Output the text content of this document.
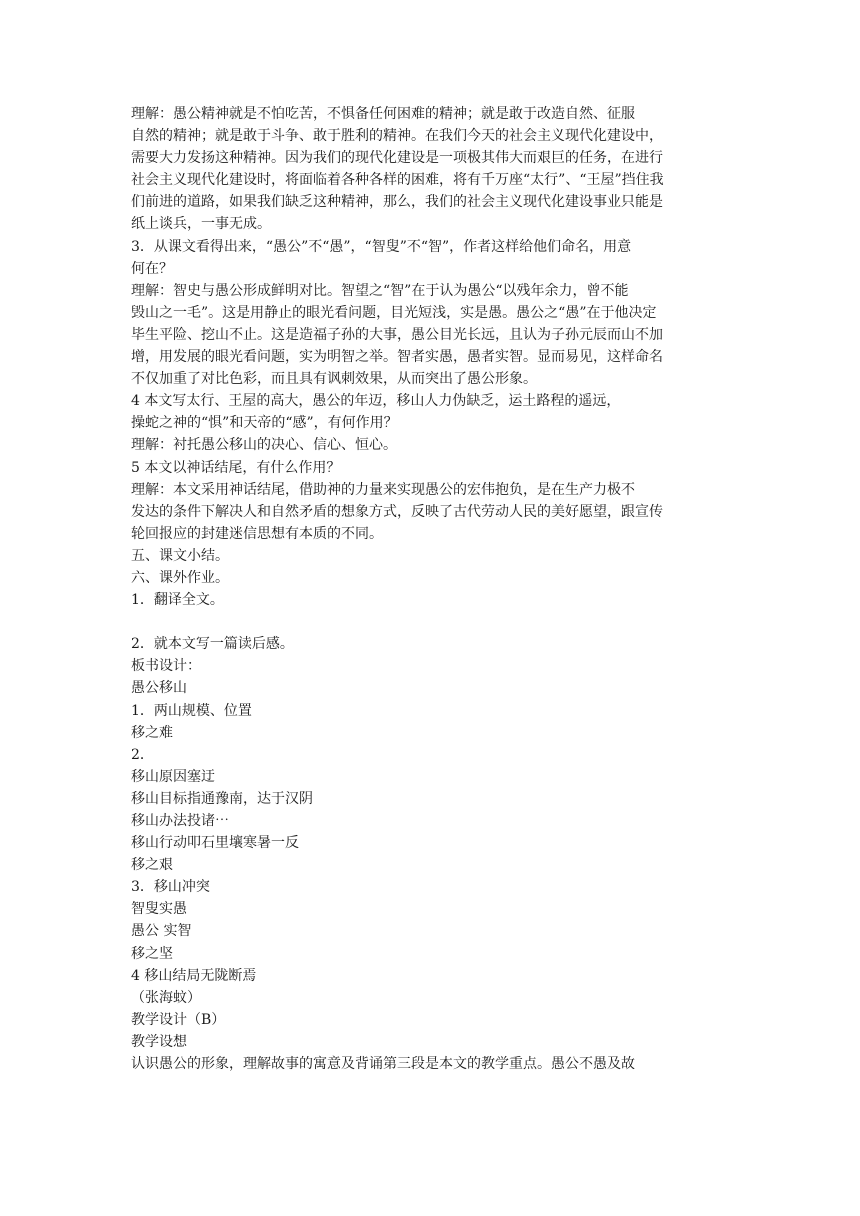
理解：愚公精神就是不怕吃苦，不惧备任何困难的精神；就是敢于改造自然、征服
自然的精神；就是敢于斗争、敢于胜利的精神。在我们今天的社会主义现代化建设中，
需要大力发扬这种精神。因为我们的现代化建设是一项极其伟大而艰巨的任务，在进行
社会主义现代化建设时，将面临着各种各样的困难，将有千万座“太行”、“王屋”挡住我
们前进的道路，如果我们缺乏这种精神，那么，我们的社会主义现代化建设事业只能是
纸上谈兵，一事无成。
3．从课文看得出来，“愚公”不“愚”，“智叟”不“智”，作者这样给他们命名，用意
何在？
理解：智史与愚公形成鲜明对比。智望之“智”在于认为愚公“以残年余力，曾不能
毁山之一毛”。这是用静止的眼光看问题，目光短浅，实是愚。愚公之“愚”在于他决定
毕生平险、挖山不止。这是造福子孙的大事，愚公目光长远，且认为子孙元辰而山不加
增，用发展的眼光看问题，实为明智之举。智者实愚，愚者实智。显而易见，这样命名
不仅加重了对比色彩，而且具有讽刺效果，从而突出了愚公形象。
4 本文写太行、王屋的高大，愚公的年迈，移山人力伪缺乏，运土路程的遥远，
操蛇之神的“惧”和天帝的“感”，有何作用？
理解：衬托愚公移山的决心、信心、恒心。
5 本文以神话结尾，有什么作用？
理解：本文采用神话结尾，借助神的力量来实现愚公的宏伟抱负，是在生产力极不
发达的条件下解决人和自然矛盾的想象方式，反映了古代劳动人民的美好愿望，跟宣传
轮回报应的封建迷信思想有本质的不同。
五、课文小结。
六、课外作业。
1．翻译全文。
2．就本文写一篇读后感。
板书设计：
愚公移山
1．两山规模、位置
移之难
2．
移山原因塞迂
移山目标指通豫南，达于汉阴
移山办法投诸⋯
移山行动叩石里壤寒暑一反
移之艰
3．移山冲突
智叟实愚
愚公 实智
移之坚
4 移山结局无陇断焉
（张海蚊）
教学设计（B）
教学设想
认识愚公的形象，理解故事的寓意及背诵第三段是本文的教学重点。愚公不愚及故
